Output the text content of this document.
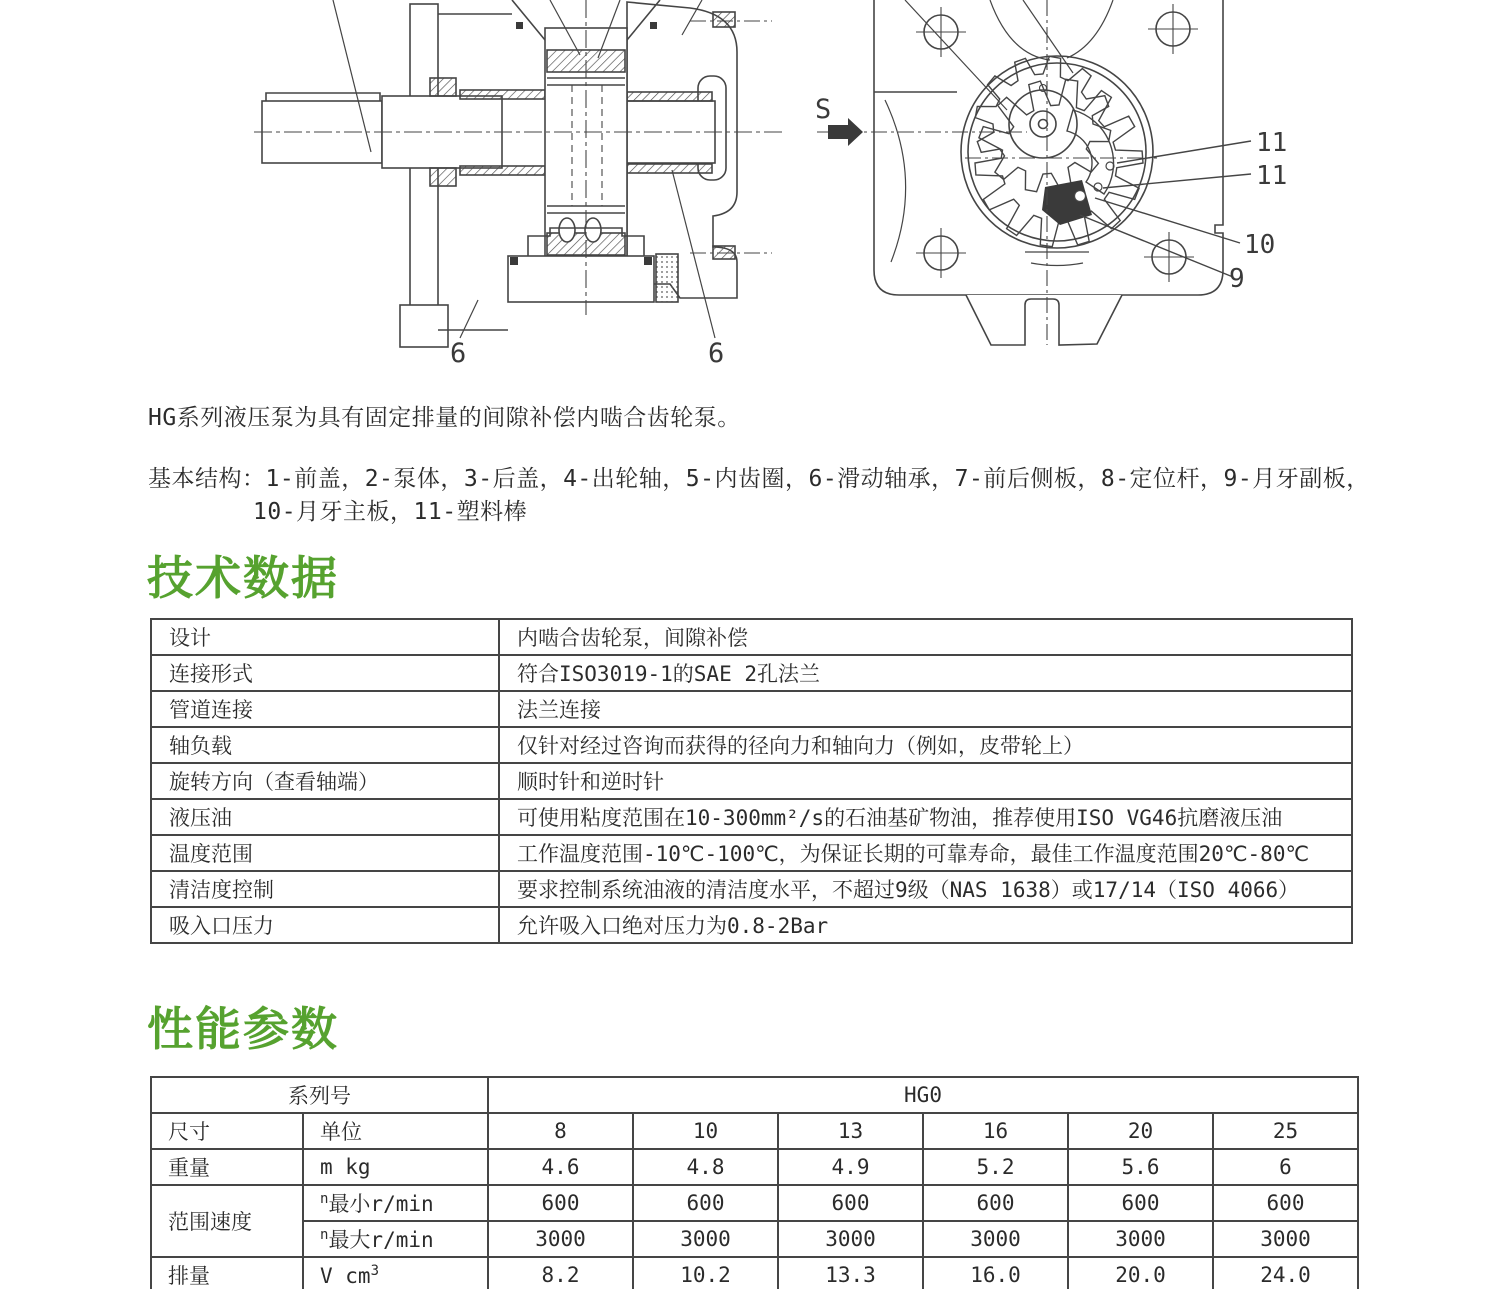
6	6
S
11
11
10
9
HG系列液压泵为具有固定排量的间隙补偿内啮合齿轮泵。
基本结构：1-前盖，2-泵体，3-后盖，4-出轮轴，5-内齿圈，6-滑动轴承，7-前后侧板，8-定位杆，9-月牙副板，
10-月牙主板，11-塑料棒
技术数据
设计	内啮合齿轮泵，间隙补偿
连接形式	符合ISO3019-1的SAE 2孔法兰
管道连接	法兰连接
轴负载	仅针对经过咨询而获得的径向力和轴向力（例如，皮带轮上）
旋转方向（查看轴端）	顺时针和逆时针
液压油	可使用粘度范围在10-300mm²/s的石油基矿物油，推荐使用ISO VG46抗磨液压油
温度范围	工作温度范围-10℃-100℃，为保证长期的可靠寿命，最佳工作温度范围20℃-80℃
清洁度控制	要求控制系统油液的清洁度水平，不超过9级（NAS 1638）或17/14（ISO 4066）
吸入口压力	允许吸入口绝对压力为0.8-2Bar
性能参数
系列号		HG0					
尺寸	单位	8	10	13	16	20	25
重量	m kg	4.6	4.8	4.9	5.2	5.6	6
范围速度	$^n$最小r/min	600	600	600	600	600	600
	$^n$最大r/min	3000	3000	3000	3000	3000	3000
排量	V $cm^3$	8.2	10.2	13.3	16.0	20.0	24.0
